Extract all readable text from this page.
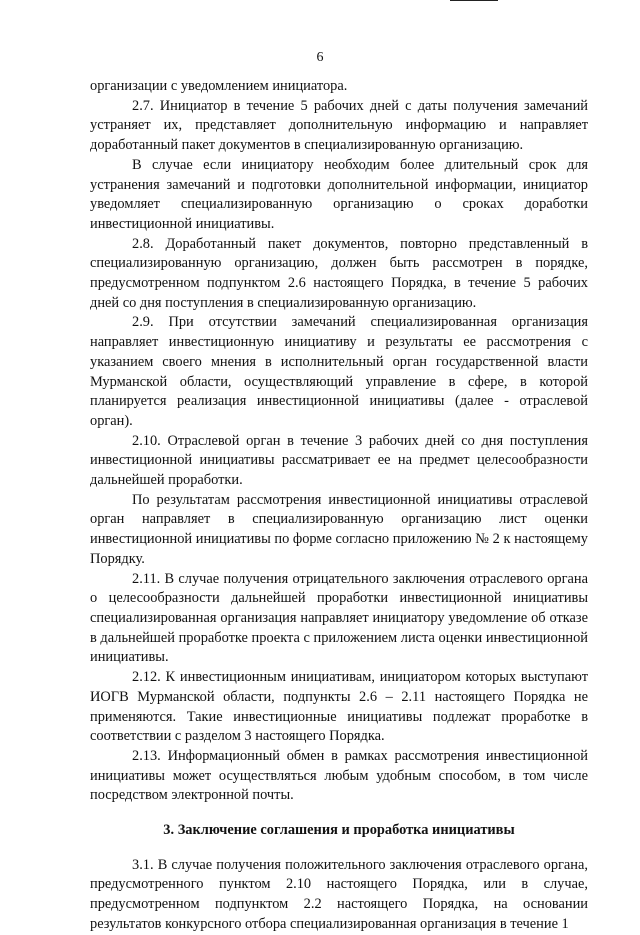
6

организации с уведомлением инициатора.

2.7. Инициатор в течение 5 рабочих дней с даты получения замечаний устраняет их, представляет дополнительную информацию и направляет доработанный пакет документов в специализированную организацию.

В случае если инициатору необходим более длительный срок для устранения замечаний и подготовки дополнительной информации, инициатор уведомляет специализированную организацию о сроках доработки инвестиционной инициативы.

2.8. Доработанный пакет документов, повторно представленный в специализированную организацию, должен быть рассмотрен в порядке, предусмотренном подпунктом 2.6 настоящего Порядка, в течение 5 рабочих дней со дня поступления в специализированную организацию.

2.9. При отсутствии замечаний специализированная организация направляет инвестиционную инициативу и результаты ее рассмотрения с указанием своего мнения в исполнительный орган государственной власти Мурманской области, осуществляющий управление в сфере, в которой планируется реализация инвестиционной инициативы (далее - отраслевой орган).

2.10. Отраслевой орган в течение 3 рабочих дней со дня поступления инвестиционной инициативы рассматривает ее на предмет целесообразности дальнейшей проработки.

По результатам рассмотрения инвестиционной инициативы отраслевой орган направляет в специализированную организацию лист оценки инвестиционной инициативы по форме согласно приложению № 2 к настоящему Порядку.

2.11. В случае получения отрицательного заключения отраслевого органа о целесообразности дальнейшей проработки инвестиционной инициативы специализированная организация направляет инициатору уведомление об отказе в дальнейшей проработке проекта с приложением листа оценки инвестиционной инициативы.

2.12. К инвестиционным инициативам, инициатором которых выступают ИОГВ Мурманской области, подпункты 2.6 – 2.11 настоящего Порядка не применяются. Такие инвестиционные инициативы подлежат проработке в соответствии с разделом 3 настоящего Порядка.

2.13. Информационный обмен в рамках рассмотрения инвестиционной инициативы может осуществляться любым удобным способом, в том числе посредством электронной почты.

3. Заключение соглашения и проработка инициативы

3.1. В случае получения положительного заключения отраслевого органа, предусмотренного пунктом 2.10 настоящего Порядка, или в случае, предусмотренном подпунктом 2.2 настоящего Порядка, на основании результатов конкурсного отбора специализированная организация в течение 1
